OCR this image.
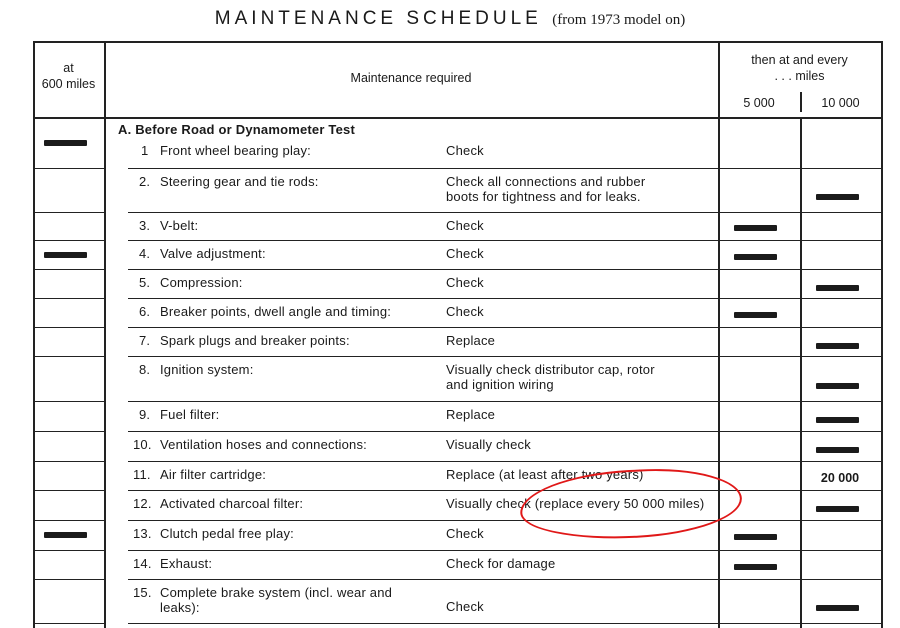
MAINTENANCE SCHEDULE (from 1973 model on)
at
600 miles	Maintenance required
then at and every
. . . miles
5 000	10 000
A. Before Road or Dynamometer Test
1 Front wheel bearing play:	Check
2. Steering gear and tie rods:	Check all connections and rubber
boots for tightness and for leaks.
3. V-belt:	Check
4. Valve adjustment:	Check
5. Compression:	Check
6. Breaker points, dwell angle and timing:	Check
7. Spark plugs and breaker points:	Replace
8. Ignition system:	Visually check distributor cap, rotor
and ignition wiring
9. Fuel filter:	Replace
10. Ventilation hoses and connections:	Visually check
11. Air filter cartridge:	Replace (at least after two years)	20 000
12. Activated charcoal filter:	Visually check (replace every 50 000 miles)
13. Clutch pedal free play:	Check
14. Exhaust:	Check for damage
15. Complete brake system (incl. wear and
leaks):	Check
